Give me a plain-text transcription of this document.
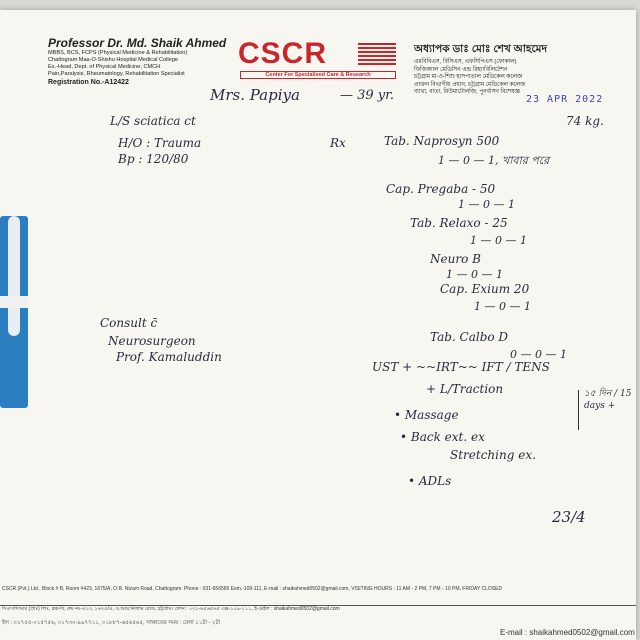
Professor Dr. Md. Shaik Ahmed
MBBS, BCS, FCPS (Physical Medicine & Rehabilitation)
Chattogram Maa-O-Shishu Hospital Medical College
Ex.-Head, Dept. of Physical Medicine, CMCH
Pain,Paralysis, Rheumatology, Rehabilitation Specialist
Registration No.-A12422
CSCR
Center For Specialised Care & Research
অধ্যাপক ডাঃ মোঃ শেখ আহমেদ
এমবিবিএস, বিসিএস, এফসিপিএস (ফোকাল)
ফিজিক্যাল মেডিসিন এন্ড রিহ্যাবিলিটেশন
চট্টগ্রাম মা-ও-শিশু হাসপাতাল মেডিকেল কলেজ
প্রাক্তন বিভাগীয় প্রধান, চট্টগ্রাম মেডিকেল কলেজ
ব্যাথা, বাতা, রিউমাটোলজি, পুনর্বাসন বিশেষজ্ঞ
Mrs. Papiya	— 39 yr.	23 APR 2022
74 kg.
L/S sciatica ct
H/O : Trauma
Bp : 120/80
Rx	Tab. Naprosyn 500
1 — 0 — 1, খাবার পরে
Cap. Pregaba - 50
1 — 0 — 1
Tab. Relaxo - 25
1 — 0 — 1
Neuro B
1 — 0 — 1
Cap. Exium 20
1 — 0 — 1
Tab. Calbo D
0 — 0 — 1
UST + ~~IRT~~ IFT / TENS
+ L/Traction	১৫ দিন / 15 days +
• Massage
• Back ext. ex
Stretching ex.
• ADLs
Consult c̄
Neurosurgeon
Prof. Kamaluddin
23/4
CSCR (Pvt.) Ltd., Block # B, Room #423, 1675/A, O.R. Nizam Road, Chattogram. Phone : 031-656565 Extn.-109-111, E-mail : shaikahmed0502@gmail.com, VISITING HOURS : 11 AM - 2 PM, 7 PM - 10 PM, FRIDAY CLOSED
সিএসসিআর (প্রাঃ) লিঃ, ব্লক-বি, রুম নং-৪২৩, ১৬৭৫/এ, ও.আর.নিজাম রোড, চট্টগ্রাম। ফোন : ০৩১-৬৫৬৫৬৫ এক্স-১০৯-১১১, ই-মেইল : shaikahmed0502@gmail.com
ইল : ০১৭৫৫-০১৫৭৫৬, ০১৭৩০-৯৯৭৭১১, ০১৮৮৭-৬৫৬৫৬৫, সাক্ষাতের সময় : বেলা ১১টা - ২টা
E-mail : shaikahmed0502@gmail.com
